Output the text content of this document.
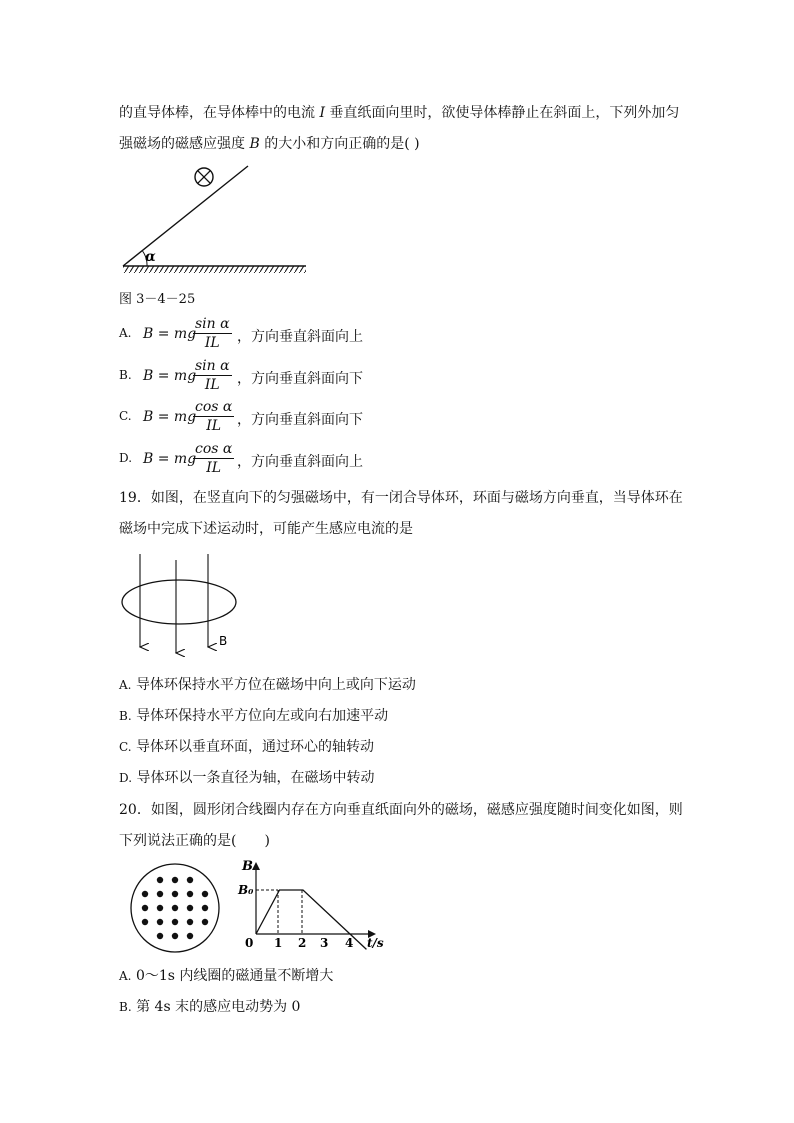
的直导体棒，在导体棒中的电流 I 垂直纸面向里时，欲使导体棒静止在斜面上，下列外加匀
强磁场的磁感应强度 B 的大小和方向正确的是( )
α
图 3－4－25
A. B = mg
$\frac{\text{sin α}}{IL}$ ，方向垂直斜面向上
B. B = mg
$\frac{\text{sin α}}{IL}$ ，方向垂直斜面向下
C. B = mg
$\frac{\text{cos α}}{IL}$ ，方向垂直斜面向下
D. B = mg
$\frac{\text{cos α}}{IL}$ ，方向垂直斜面向上
19．如图，在竖直向下的匀强磁场中，有一闭合导体环，环面与磁场方向垂直，当导体环在
磁场中完成下述运动时，可能产生感应电流的是
B
A. 导体环保持水平方位在磁场中向上或向下运动
B. 导体环保持水平方位向左或向右加速平动
C. 导体环以垂直环面，通过环心的轴转动
D. 导体环以一条直径为轴，在磁场中转动
20．如图，圆形闭合线圈内存在方向垂直纸面向外的磁场，磁感应强度随时间变化如图，则
下列说法正确的是(　　)
B₀
B
0 1 2 3 4 t/s
A. 0～1s 内线圈的磁通量不断增大
B. 第 4s 末的感应电动势为 0
